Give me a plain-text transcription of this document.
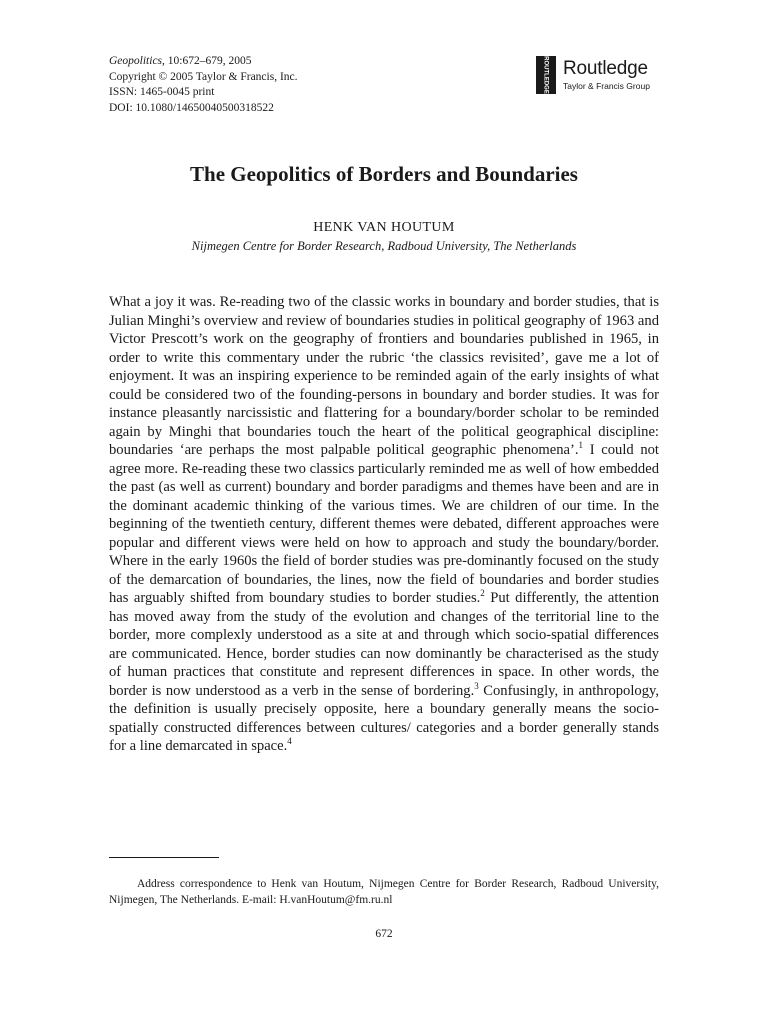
Geopolitics, 10:672–679, 2005
Copyright © 2005 Taylor & Francis, Inc.
ISSN: 1465-0045 print
DOI: 10.1080/14650040500318522
ROUTLEDGE Routledge
Taylor & Francis Group
The Geopolitics of Borders and Boundaries
HENK VAN HOUTUM
Nijmegen Centre for Border Research, Radboud University, The Netherlands
What a joy it was. Re-reading two of the classic works in boundary and border studies, that is Julian Minghi’s overview and review of boundaries studies in political geography of 1963 and Victor Prescott’s work on the geography of frontiers and boundaries published in 1965, in order to write this commentary under the rubric ‘the classics revisited’, gave me a lot of enjoyment. It was an inspiring experience to be reminded again of the early insights of what could be considered two of the founding-persons in boundary and border studies. It was for instance pleasantly narcissistic and flattering for a boundary/border scholar to be reminded again by Minghi that boundaries touch the heart of the political geographical discipline: boundaries ‘are perhaps the most palpable political geographic phenomena’.$^1$ I could not agree more. Re-reading these two classics particularly reminded me as well of how embedded the past (as well as current) boundary and border paradigms and themes have been and are in the dominant academic thinking of the various times. We are children of our time. In the beginning of the twentieth century, different themes were debated, different approaches were popular and different views were held on how to approach and study the boundary/border. Where in the early 1960s the field of border studies was pre-dominantly focused on the study of the demarcation of boundaries, the lines, now the field of boundaries and border studies has arguably shifted from boundary studies to border studies.$^2$ Put differently, the attention has moved away from the study of the evolution and changes of the territorial line to the border, more complexly understood as a site at and through which socio-spatial differences are communicated. Hence, border studies can now dominantly be characterised as the study of human practices that constitute and represent differences in space. In other words, the border is now understood as a verb in the sense of bordering.$^3$ Confusingly, in anthropology, the definition is usually precisely opposite, here a boundary generally means the socio-spatially constructed differences between cultures/ categories and a border generally stands for a line demarcated in space.$^4$
Address correspondence to Henk van Houtum, Nijmegen Centre for Border Research, Radboud University, Nijmegen, The Netherlands. E-mail: H.vanHoutum@fm.ru.nl
672
